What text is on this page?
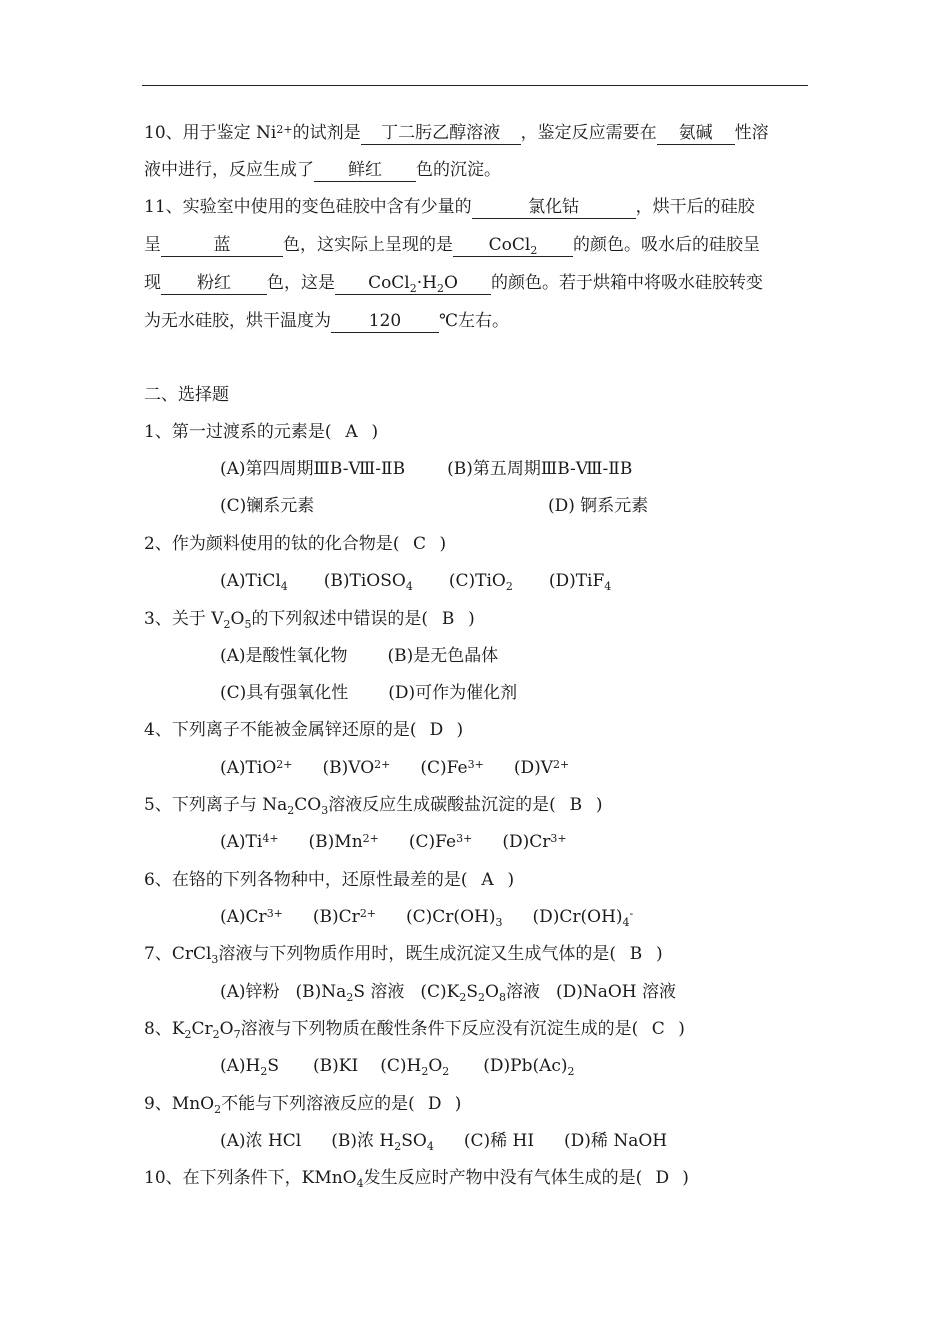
10、用于鉴定 $Ni^{2+}$的试剂是 丁二肟乙醇溶液 ，鉴定反应需要在 氨碱 性溶
液中进行，反应生成了 鲜红 色的沉淀。
11、实验室中使用的变色硅胶中含有少量的	氯化钴	，烘干后的硅胶
呈	蓝	色，这实际上呈现的是 CoCl$_2$ 的颜色。吸水后的硅胶呈
现 粉红 色，这是 $CoCl_2\cdot H_2O$ 的颜色。若于烘箱中将吸水硅胶转变
为无水硅胶，烘干温度为 120 ℃左右。
二、选择题
1、第一过渡系的元素是( A )
(A)第四周期ⅢB-Ⅷ-ⅡB (B)第五周期ⅢB-Ⅷ-ⅡB
(C)镧系元素	(D) 锕系元素
2、作为颜料使用的钛的化合物是( C )
(A)TiCl$_4$ (B)TiOSO$_4$ (C)TiO$_2$ (D)TiF$_4$
3、关于 $V_2O_5$的下列叙述中错误的是( B )
(A)是酸性氧化物 (B)是无色晶体
(C)具有强氧化性 (D)可作为催化剂
4、下列离子不能被金属锌还原的是( D )
(A)TiO$^{2+}$ $(B)VO^{2+}$ $(C)Fe^{3+}$ $(D)V^{2+}$
5、下列离子与 $Na_2CO_3$溶液反应生成碳酸盐沉淀的是( B )
$(A)Ti^{4+}$ $(B)Mn^{2+}$ $(C)Fe^{3+}$ $(D)Cr^{3+}$
6、在铬的下列各物种中，还原性最差的是( A )
$(A)Cr^{3+}$ $(B)Cr^{2+}$ $(C)Cr(OH)_3$ $(D)Cr(OH)_4^-$
7、CrCl$_3$溶液与下列物质作用时，既生成沉淀又生成气体的是( B )
(A)锌粉 $(B)Na_2S$ 溶液 $(C)K_2S_2O_8$溶液 (D)NaOH 溶液
8、$K_2Cr_2O_7$溶液与下列物质在酸性条件下反应没有沉淀生成的是( C )
$(A)H_2S$ (B)KI $(C)H_2O_2$ $(D)Pb(Ac)_2$
9、MnO$_2$不能与下列溶液反应的是( D )
(A)浓 HCl (B)浓 $H_2SO_4$ (C)稀 HI (D)稀 NaOH
10、在下列条件下，KMnO$_4$发生反应时产物中没有气体生成的是( D )
